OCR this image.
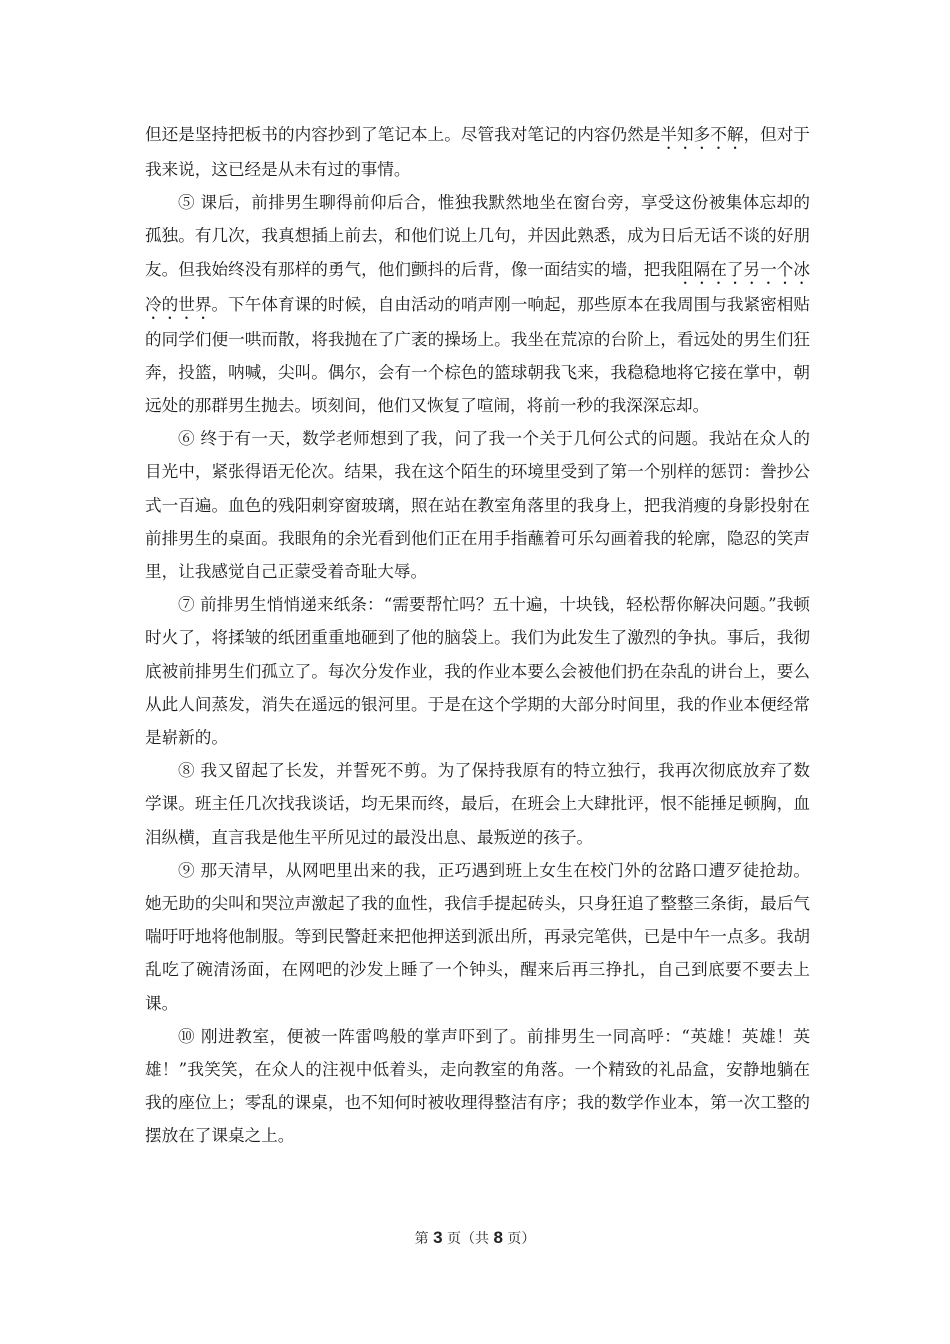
但还是坚持把板书的内容抄到了笔记本上。尽管我对笔记的内容仍然是半知多不解，但对于我来说，这已经是从未有过的事情。

⑤ 课后，前排男生聊得前仰后合，惟独我默然地坐在窗台旁，享受这份被集体忘却的孤独。有几次，我真想插上前去，和他们说上几句，并因此熟悉，成为日后无话不谈的好朋友。但我始终没有那样的勇气，他们颤抖的后背，像一面结实的墙，把我阻隔在了另一个冰冷的世界。下午体育课的时候，自由活动的哨声刚一响起，那些原本在我周围与我紧密相贴的同学们便一哄而散，将我抛在了广袤的操场上。我坐在荒凉的台阶上，看远处的男生们狂奔，投篮，呐喊，尖叫。偶尔，会有一个棕色的篮球朝我飞来，我稳稳地将它接在掌中，朝远处的那群男生抛去。顷刻间，他们又恢复了喧闹，将前一秒的我深深忘却。

⑥ 终于有一天，数学老师想到了我，问了我一个关于几何公式的问题。我站在众人的目光中，紧张得语无伦次。结果，我在这个陌生的环境里受到了第一个别样的惩罚：誊抄公式一百遍。血色的残阳刺穿窗玻璃，照在站在教室角落里的我身上，把我消瘦的身影投射在前排男生的桌面。我眼角的余光看到他们正在用手指蘸着可乐勾画着我的轮廓，隐忍的笑声里，让我感觉自己正蒙受着奇耻大辱。

⑦ 前排男生悄悄递来纸条：“需要帮忙吗？五十遍，十块钱，轻松帮你解决问题。”我顿时火了，将揉皱的纸团重重地砸到了他的脑袋上。我们为此发生了激烈的争执。事后，我彻底被前排男生们孤立了。每次分发作业，我的作业本要么会被他们扔在杂乱的讲台上，要么从此人间蒸发，消失在遥远的银河里。于是在这个学期的大部分时间里，我的作业本便经常是崭新的。

⑧ 我又留起了长发，并誓死不剪。为了保持我原有的特立独行，我再次彻底放弃了数学课。班主任几次找我谈话，均无果而终，最后，在班会上大肆批评，恨不能捶足顿胸，血泪纵横，直言我是他生平所见过的最没出息、最叛逆的孩子。

⑨ 那天清早，从网吧里出来的我，正巧遇到班上女生在校门外的岔路口遭歹徒抢劫。她无助的尖叫和哭泣声激起了我的血性，我信手提起砖头，只身狂追了整整三条街，最后气喘吁吁地将他制服。等到民警赶来把他押送到派出所，再录完笔供，已是中午一点多。我胡乱吃了碗清汤面，在网吧的沙发上睡了一个钟头，醒来后再三挣扎，自己到底要不要去上课。

⑩ 刚进教室，便被一阵雷鸣般的掌声吓到了。前排男生一同高呼：“英雄！英雄！英雄！”我笑笑，在众人的注视中低着头，走向教室的角落。一个精致的礼品盒，安静地躺在我的座位上；零乱的课桌，也不知何时被收理得整洁有序；我的数学作业本，第一次工整的摆放在了课桌之上。

第 3 页（共 8 页）
